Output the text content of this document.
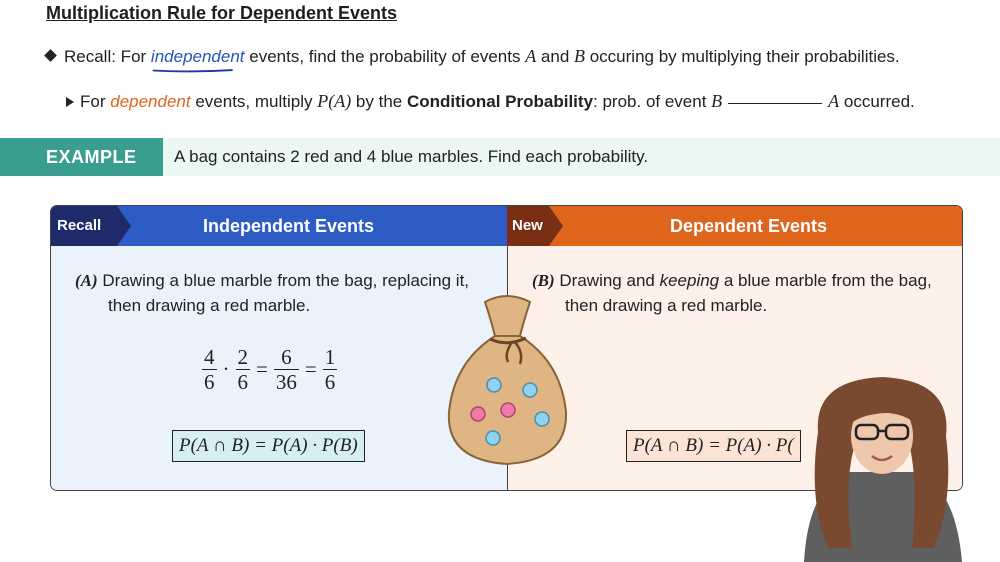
Multiplication Rule for Dependent Events
Recall: For independent
events, find the probability of events A and B occuring by multiplying their probabilities.
For dependent events, multiply P(A) by the Conditional Probability: prob. of event B	A occurred.
EXAMPLE	A bag contains 2 red and 4 blue marbles. Find each probability.
Recall	Independent Events	New	Dependent Events
(A) Drawing a blue marble from the bag, replacing it,
then drawing a red marble.
$\frac{4}{6} \cdot \frac{2}{6} = \frac{6}{36} = \frac{1}{6}$
P(A ∩ B) = P(A) · P(B)
(B) Drawing and keeping a blue marble from the bag,
then drawing a red marble.
P(A ∩ B) = P(A) · P(
